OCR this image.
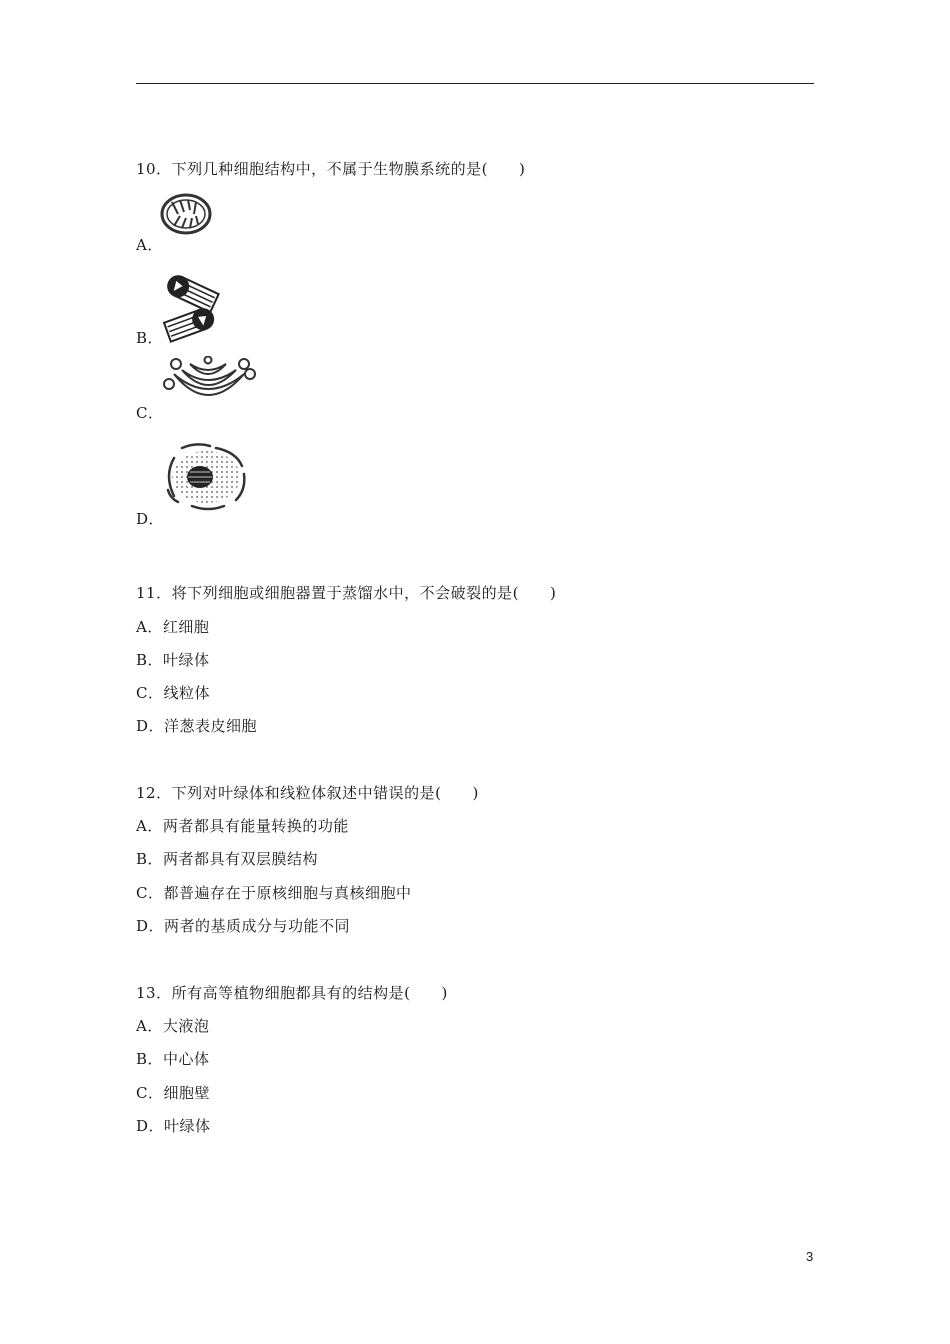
10．下列几种细胞结构中，不属于生物膜系统的是(　　)
A．
B．
C．
D．
11．将下列细胞或细胞器置于蒸馏水中，不会破裂的是(　　)
A．红细胞
B．叶绿体
C．线粒体
D．洋葱表皮细胞
12．下列对叶绿体和线粒体叙述中错误的是(　　)
A．两者都具有能量转换的功能
B．两者都具有双层膜结构
C．都普遍存在于原核细胞与真核细胞中
D．两者的基质成分与功能不同
13．所有高等植物细胞都具有的结构是(　　)
A．大液泡
B．中心体
C．细胞壁
D．叶绿体
3
